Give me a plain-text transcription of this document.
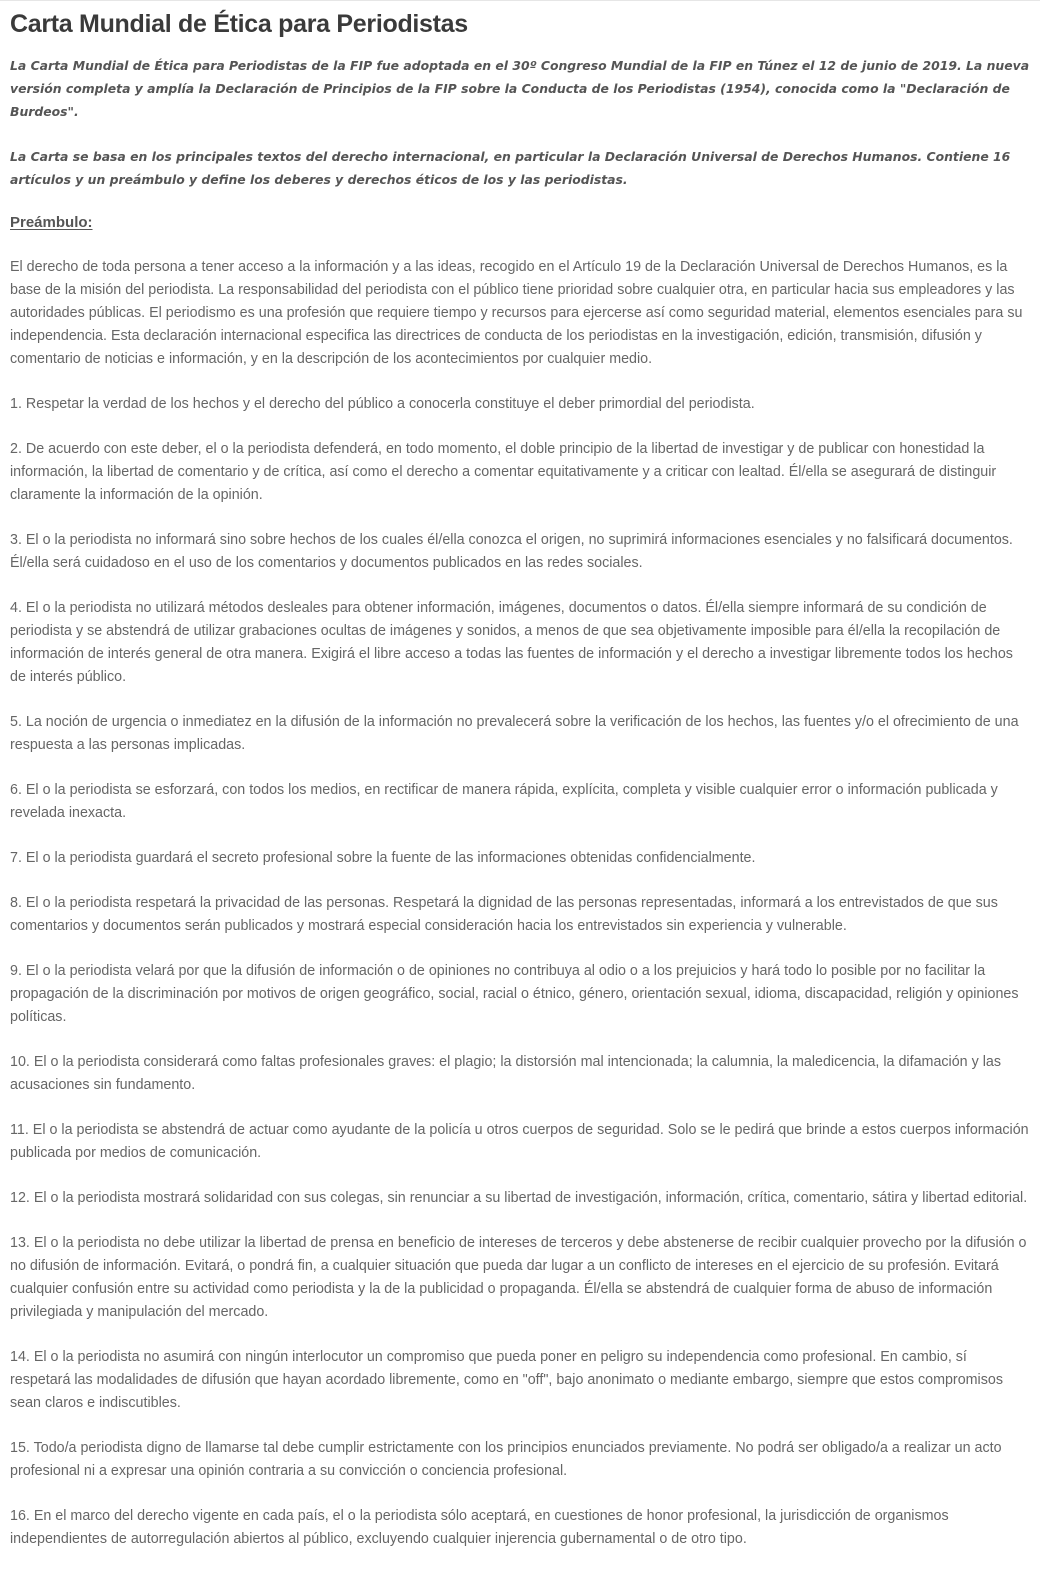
Carta Mundial de Ética para Periodistas

La Carta Mundial de Ética para Periodistas de la FIP fue adoptada en el 30º Congreso Mundial de la FIP en Túnez el 12 de junio de 2019. La nueva versión completa y amplía la Declaración de Principios de la FIP sobre la Conducta de los Periodistas (1954), conocida como la "Declaración de Burdeos".

La Carta se basa en los principales textos del derecho internacional, en particular la Declaración Universal de Derechos Humanos. Contiene 16 artículos y un preámbulo y define los deberes y derechos éticos de los y las periodistas.

Preámbulo:

El derecho de toda persona a tener acceso a la información y a las ideas, recogido en el Artículo 19 de la Declaración Universal de Derechos Humanos, es la base de la misión del periodista. La responsabilidad del periodista con el público tiene prioridad sobre cualquier otra, en particular hacia sus empleadores y las autoridades públicas. El periodismo es una profesión que requiere tiempo y recursos para ejercerse así como seguridad material, elementos esenciales para su independencia. Esta declaración internacional especifica las directrices de conducta de los periodistas en la investigación, edición, transmisión, difusión y comentario de noticias e información, y en la descripción de los acontecimientos por cualquier medio.

1. Respetar la verdad de los hechos y el derecho del público a conocerla constituye el deber primordial del periodista.

2. De acuerdo con este deber, el o la periodista defenderá, en todo momento, el doble principio de la libertad de investigar y de publicar con honestidad la información, la libertad de comentario y de crítica, así como el derecho a comentar equitativamente y a criticar con lealtad. Él/ella se asegurará de distinguir claramente la información de la opinión.

3. El o la periodista no informará sino sobre hechos de los cuales él/ella conozca el origen, no suprimirá informaciones esenciales y no falsificará documentos. Él/ella será cuidadoso en el uso de los comentarios y documentos publicados en las redes sociales.

4. El o la periodista no utilizará métodos desleales para obtener información, imágenes, documentos o datos. Él/ella siempre informará de su condición de periodista y se abstendrá de utilizar grabaciones ocultas de imágenes y sonidos, a menos de que sea objetivamente imposible para él/ella la recopilación de información de interés general de otra manera. Exigirá el libre acceso a todas las fuentes de información y el derecho a investigar libremente todos los hechos de interés público.

5. La noción de urgencia o inmediatez en la difusión de la información no prevalecerá sobre la verificación de los hechos, las fuentes y/o el ofrecimiento de una respuesta a las personas implicadas.

6. El o la periodista se esforzará, con todos los medios, en rectificar de manera rápida, explícita, completa y visible cualquier error o información publicada y revelada inexacta.

7. El o la periodista guardará el secreto profesional sobre la fuente de las informaciones obtenidas confidencialmente.

8. El o la periodista respetará la privacidad de las personas. Respetará la dignidad de las personas representadas, informará a los entrevistados de que sus comentarios y documentos serán publicados y mostrará especial consideración hacia los entrevistados sin experiencia y vulnerable.

9. El o la periodista velará por que la difusión de información o de opiniones no contribuya al odio o a los prejuicios y hará todo lo posible por no facilitar la propagación de la discriminación por motivos de origen geográfico, social, racial o étnico, género, orientación sexual, idioma, discapacidad, religión y opiniones políticas.

10. El o la periodista considerará como faltas profesionales graves: el plagio; la distorsión mal intencionada; la calumnia, la maledicencia, la difamación y las acusaciones sin fundamento.

11. El o la periodista se abstendrá de actuar como ayudante de la policía u otros cuerpos de seguridad. Solo se le pedirá que brinde a estos cuerpos información publicada por medios de comunicación.

12. El o la periodista mostrará solidaridad con sus colegas, sin renunciar a su libertad de investigación, información, crítica, comentario, sátira y libertad editorial.

13. El o la periodista no debe utilizar la libertad de prensa en beneficio de intereses de terceros y debe abstenerse de recibir cualquier provecho por la difusión o no difusión de información. Evitará, o pondrá fin, a cualquier situación que pueda dar lugar a un conflicto de intereses en el ejercicio de su profesión. Evitará cualquier confusión entre su actividad como periodista y la de la publicidad o propaganda. Él/ella se abstendrá de cualquier forma de abuso de información privilegiada y manipulación del mercado.

14. El o la periodista no asumirá con ningún interlocutor un compromiso que pueda poner en peligro su independencia como profesional. En cambio, sí respetará las modalidades de difusión que hayan acordado libremente, como en "off", bajo anonimato o mediante embargo, siempre que estos compromisos sean claros e indiscutibles.

15. Todo/a periodista digno de llamarse tal debe cumplir estrictamente con los principios enunciados previamente. No podrá ser obligado/a a realizar un acto profesional ni a expresar una opinión contraria a su convicción o conciencia profesional.

16. En el marco del derecho vigente en cada país, el o la periodista sólo aceptará, en cuestiones de honor profesional, la jurisdicción de organismos independientes de autorregulación abiertos al público, excluyendo cualquier injerencia gubernamental o de otro tipo.
